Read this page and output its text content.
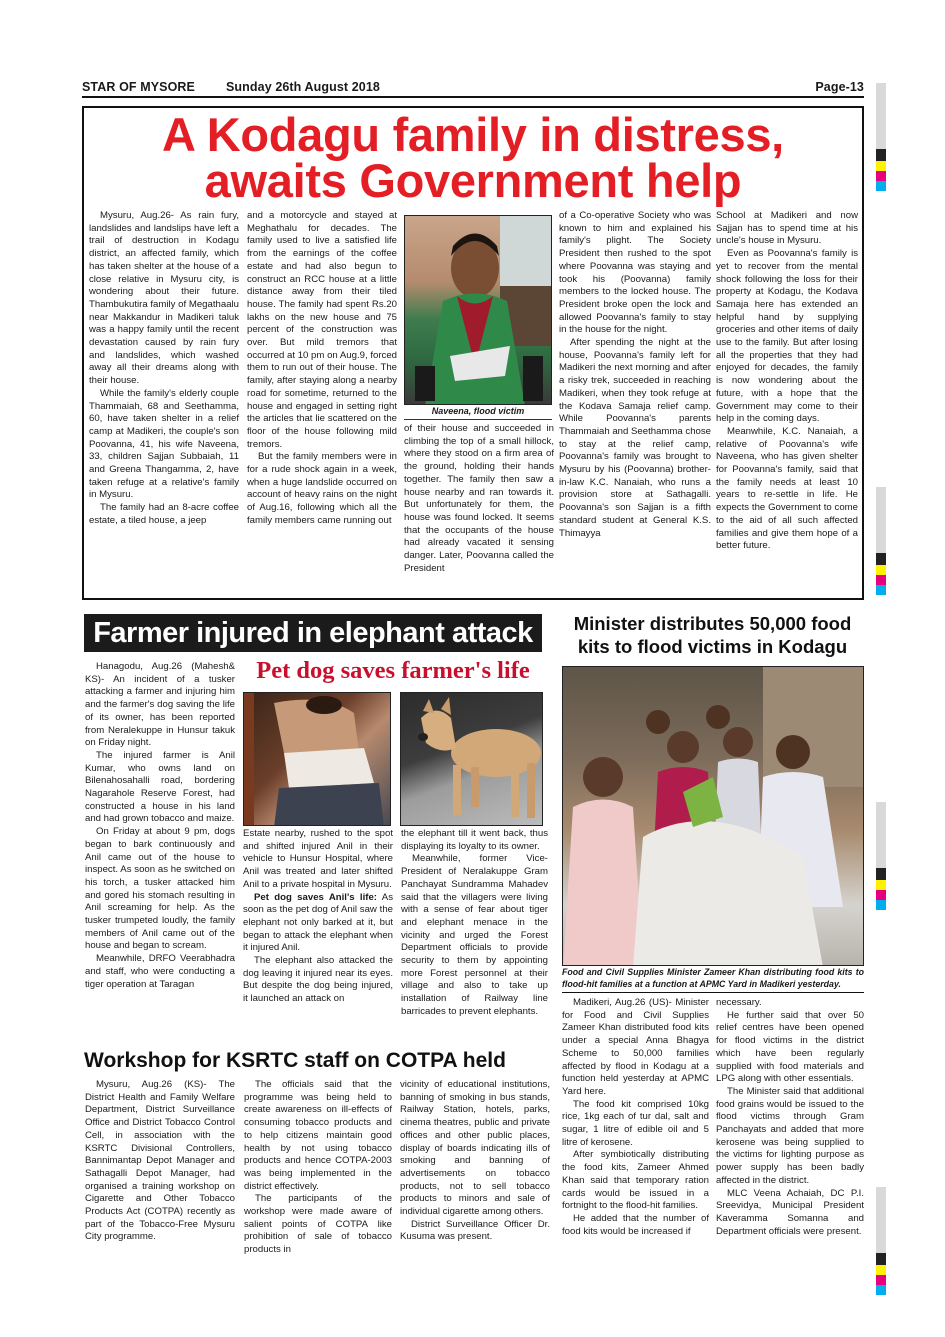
STAR OF MYSORE Sunday 26th August 2018	Page-13
A Kodagu family in distress,
awaits Government help

Mysuru, Aug.26- As rain fury, landslides and landslips have left a trail of destruction in Kodagu district, an affected family, which has taken shelter at the house of a close relative in Mysuru city, is wondering about their future. Thambukutira family of Megathaalu near Makkandur in Madikeri taluk was a happy family until the recent devastation caused by rain fury and landslides, which washed away all their dreams along with their house.

While the family's elderly couple Thammaiah, 68 and Seethamma, 60, have taken shelter in a relief camp at Madikeri, the couple's son Poovanna, 41, his wife Naveena, 33, children Sajjan Subbaiah, 11 and Greena Thangamma, 2, have taken refuge at a relative's family in Mysuru.

The family had an 8-acre coffee estate, a tiled house, a jeep

and a motorcycle and stayed at Meghathalu for decades. The family used to live a satisfied life from the earnings of the coffee estate and had also begun to construct an RCC house at a little distance away from their tiled house. The family had spent Rs.20 lakhs on the new house and 75 percent of the construction was over. But mild tremors that occurred at 10 pm on Aug.9, forced them to run out of their house. The family, after staying along a nearby road for sometime, returned to the house and engaged in setting right the articles that lie scattered on the floor of the house following mild tremors.

But the family members were in for a rude shock again in a week, when a huge landslide occurred on account of heavy rains on the night of Aug.16, following which all the family members came running out

Naveena, flood victim

of their house and succeeded in climbing the top of a small hillock, where they stood on a firm area of the ground, holding their hands together. The family then saw a house nearby and ran towards it. But unfortunately for them, the house was found locked. It seems that the occupants of the house had already vacated it sensing danger. Later, Poovanna called the President

of a Co-operative Society who was known to him and explained his family's plight. The Society President then rushed to the spot where Poovanna was staying and took his (Poovanna) family members to the locked house. The President broke open the lock and allowed Poovanna's family to stay in the house for the night.

After spending the night at the house, Poovanna's family left for Madikeri the next morning and after a risky trek, succeeded in reaching Madikeri, when they took refuge at the Kodava Samaja relief camp. While Poovanna's parents Thammaiah and Seethamma chose to stay at the relief camp, Poovanna's family was brought to Mysuru by his (Poovanna) brother-in-law K.C. Nanaiah, who runs a provision store at Sathagalli. Poovanna's son Sajjan is a fifth standard student at General K.S. Thimayya

School at Madikeri and now Sajjan has to spend time at his uncle's house in Mysuru.

Even as Poovanna's family is yet to recover from the mental shock following the loss for their property at Kodagu, the Kodava Samaja here has extended an helpful hand by supplying groceries and other items of daily use to the family. But after losing all the properties that they had enjoyed for decades, the family is now wondering about the future, with a hope that the Government may come to their help in the coming days.

Meanwhile, K.C. Nanaiah, a relative of Poovanna's wife Naveena, who has given shelter for Poovanna's family, said that the family needs at least 10 years to re-settle in life. He expects the Government to come to the aid of all such affected families and give them hope of a better future.

Farmer injured in elephant attack
Pet dog saves farmer's life

Hanagodu, Aug.26 (Mahesh& KS)- An incident of a tusker attacking a farmer and injuring him and the farmer's dog saving the life of its owner, has been reported from Neralekuppe in Hunsur takuk on Friday night.

The injured farmer is Anil Kumar, who owns land on Bilenahosahalli road, bordering Nagarahole Reserve Forest, had constructed a house in his land and had grown tobacco and maize.

On Friday at about 9 pm, dogs began to bark continuously and Anil came out of the house to inspect. As soon as he switched on his torch, a tusker attacked him and gored his stomach resulting in Anil screaming for help. As the tusker trumpeted loudly, the family members of Anil came out of the house and began to scream.

Meanwhile, DRFO Veerabhadra and staff, who were conducting a tiger operation at Taragan

Estate nearby, rushed to the spot and shifted injured Anil in their vehicle to Hunsur Hospital, where Anil was treated and later shifted Anil to a private hospital in Mysuru.

Pet dog saves Anil's life: As soon as the pet dog of Anil saw the elephant not only barked at it, but began to attack the elephant when it injured Anil.

The elephant also attacked the dog leaving it injured near its eyes. But despite the dog being injured, it launched an attack on

the elephant till it went back, thus displaying its loyalty to its owner.

Meanwhile, former Vice-President of Neralakuppe Gram Panchayat Sundramma Mahadev said that the villagers were living with a sense of fear about tiger and elephant menace in the vicinity and urged the Forest Department officials to provide security to them by appointing more Forest personnel at their village and also to take up installation of Railway line barricades to prevent elephants.

Minister distributes 50,000 food
kits to flood victims in Kodagu
Food and Civil Supplies Minister Zameer Khan distributing food kits to flood-hit families at a function at APMC Yard in Madikeri yesterday.

Madikeri, Aug.26 (US)- Minister for Food and Civil Supplies Zameer Khan distributed food kits under a special Anna Bhagya Scheme to 50,000 families affected by flood in Kodagu at a function held yesterday at APMC Yard here.

The food kit comprised 10kg rice, 1kg each of tur dal, salt and sugar, 1 litre of edible oil and 5 litre of kerosene.

After symbiotically distributing the food kits, Zameer Ahmed Khan said that temporary ration cards would be issued in a fortnight to the flood-hit families.

He added that the number of food kits would be increased if

necessary.

He further said that over 50 relief centres have been opened for flood victims in the district which have been regularly supplied with food materials and LPG along with other essentials.

The Minister said that additional food grains would be issued to the flood victims through Gram Panchayats and added that more kerosene was being supplied to the victims for lighting purpose as power supply has been badly affected in the district.

MLC Veena Achaiah, DC P.I. Sreevidya, Municipal President Kaveramma Somanna and Department officials were present.

Workshop for KSRTC staff on COTPA held

Mysuru, Aug.26 (KS)- The District Health and Family Welfare Department, District Surveillance Office and District Tobacco Control Cell, in association with the KSRTC Divisional Controllers, Bannimantap Depot Manager and Sathagalli Depot Manager, had organised a training workshop on Cigarette and Other Tobacco Products Act (COTPA) recently as part of the Tobacco-Free Mysuru City programme.

The officials said that the programme was being held to create awareness on ill-effects of consuming tobacco products and to help citizens maintain good health by not using tobacco products and hence COTPA-2003 was being implemented in the district effectively.

The participants of the workshop were made aware of salient points of COTPA like prohibition of sale of tobacco products in

vicinity of educational institutions, banning of smoking in bus stands, Railway Station, hotels, parks, cinema theatres, public and private offices and other public places, display of boards indicating ills of smoking and banning of advertisements on tobacco products, not to sell tobacco products to minors and sale of individual cigarette among others.

District Surveillance Officer Dr. Kusuma was present.
